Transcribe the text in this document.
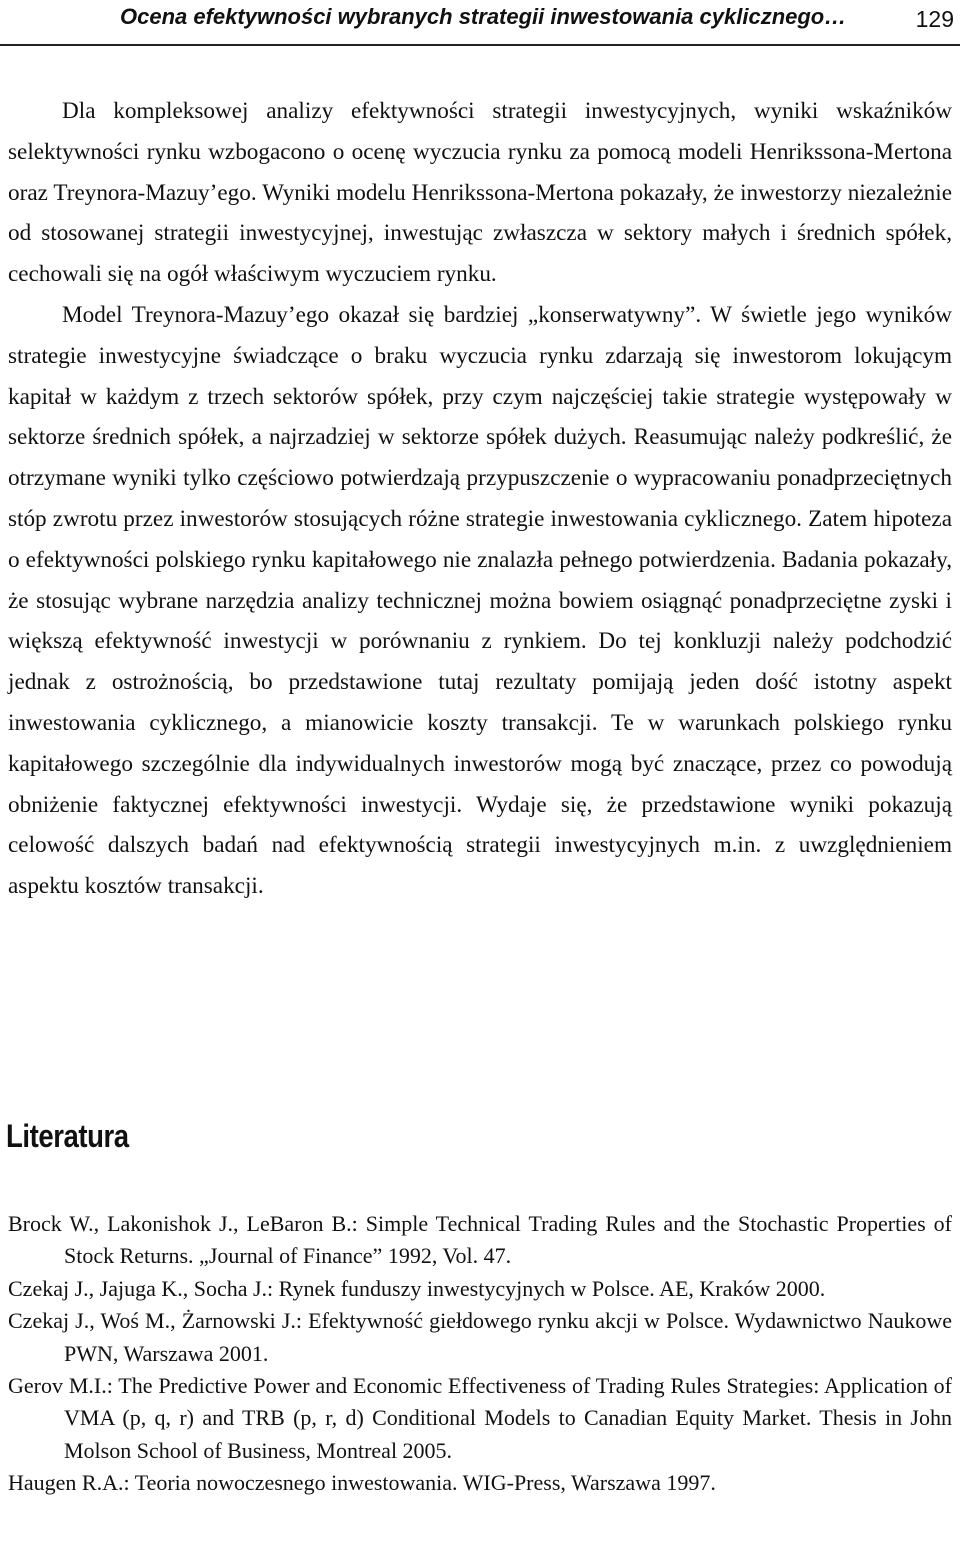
Ocena efektywności wybranych strategii inwestowania cyklicznego…	129

Dla kompleksowej analizy efektywności strategii inwestycyjnych, wyniki wskaźników selektywności rynku wzbogacono o ocenę wyczucia rynku za pomocą modeli Henrikssona-Mertona oraz Treynora-Mazuy’ego. Wyniki modelu Henrikssona-Mertona pokazały, że inwestorzy niezależnie od stosowanej strategii inwestycyjnej, inwestując zwłaszcza w sektory małych i średnich spółek, cechowali się na ogół właściwym wyczuciem rynku.

Model Treynora-Mazuy’ego okazał się bardziej „konserwatywny”. W świetle jego wyników strategie inwestycyjne świadczące o braku wyczucia rynku zdarzają się inwestorom lokującym kapitał w każdym z trzech sektorów spółek, przy czym najczęściej takie strategie występowały w sektorze średnich spółek, a najrzadziej w sektorze spółek dużych. Reasumując należy podkreślić, że otrzymane wyniki tylko częściowo potwierdzają przypuszczenie o wypracowaniu ponadprzeciętnych stóp zwrotu przez inwestorów stosujących różne strategie inwestowania cyklicznego. Zatem hipoteza o efektywności polskiego rynku kapitałowego nie znalazła pełnego potwierdzenia. Badania pokazały, że stosując wybrane narzędzia analizy technicznej można bowiem osiągnąć ponadprzeciętne zyski i większą efektywność inwestycji w porównaniu z rynkiem. Do tej konkluzji należy podchodzić jednak z ostrożnością, bo przedstawione tutaj rezultaty pomijają jeden dość istotny aspekt inwestowania cyklicznego, a mianowicie koszty transakcji. Te w warunkach polskiego rynku kapitałowego szczególnie dla indywidualnych inwestorów mogą być znaczące, przez co powodują obniżenie faktycznej efektywności inwestycji. Wydaje się, że przedstawione wyniki pokazują celowość dalszych badań nad efektywnością strategii inwestycyjnych m.in. z uwzględnieniem aspektu kosztów transakcji.

Literatura
Brock W., Lakonishok J., LeBaron B.: Simple Technical Trading Rules and the Stochastic Properties of Stock Returns. „Journal of Finance” 1992, Vol. 47.
Czekaj J., Jajuga K., Socha J.: Rynek funduszy inwestycyjnych w Polsce. AE, Kraków 2000.
Czekaj J., Woś M., Żarnowski J.: Efektywność giełdowego rynku akcji w Polsce. Wydawnictwo Naukowe PWN, Warszawa 2001.
Gerov M.I.: The Predictive Power and Economic Effectiveness of Trading Rules Strategies: Application of VMA (p, q, r) and TRB (p, r, d) Conditional Models to Canadian Equity Market. Thesis in John Molson School of Business, Montreal 2005.
Haugen R.A.: Teoria nowoczesnego inwestowania. WIG-Press, Warszawa 1997.
